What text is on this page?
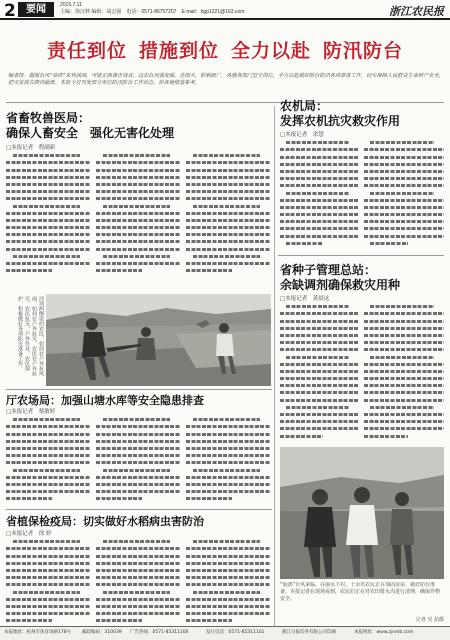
2	要闻	2015.7.11
主编：徐汉秋 编辑：胡志强　 电话：0571-86757207　 E-mail：hgp1221@163.com	浙江农民报
责任到位 措施到位 全力以赴 防汛防台
编者按：超强台风“灿鸿”来势汹汹，可能正面袭击我省，这次台风强度强、范围大、影响面广，各地各部门坚守岗位，全力以赴做好防台防汛各项准备工作，切实保障人民群众生命财产安全，把灾害损失降到最低。本报今日刊发部分单位防汛防台工作动态，供各地借鉴参考。
省畜牧兽医局：
确保人畜安全　强化无害化处理
□本报记者　程副新
农机局：
发挥农机抗灾救灾作用
□本报记者　余慧
省种子管理总站：
余缺调剂确保救灾用种
□本报记者　黄晨这
河坝两侧渠的农民，如何在户外抗风雨，如何在户外抗灾，农民在户外抗灾，农民抗灾，户外作业，农民保护，积极做好各项防灾准备工作。
厅农场局：加强山塘水库等安全隐患排查
□本报记者　蔡敏婷
省植保检疫局：切实做好水稻病虫害防治
□本报记者　徐 婷
“灿鸿”台风来临，在丽水下村，十余名农民正在加固房屋，做好防台准备。本报记者在现场看到，农民们正在对农田排水沟进行清理，确保作物安全。
记者 吴 拍摄
本报地址：杭州市体育场路178号 邮政编码：310039 广告热线：0571-85311100	发行电话：0571-85311101	浙江日报印务有限公司印刷	本报网址：www.zjnmb.com
